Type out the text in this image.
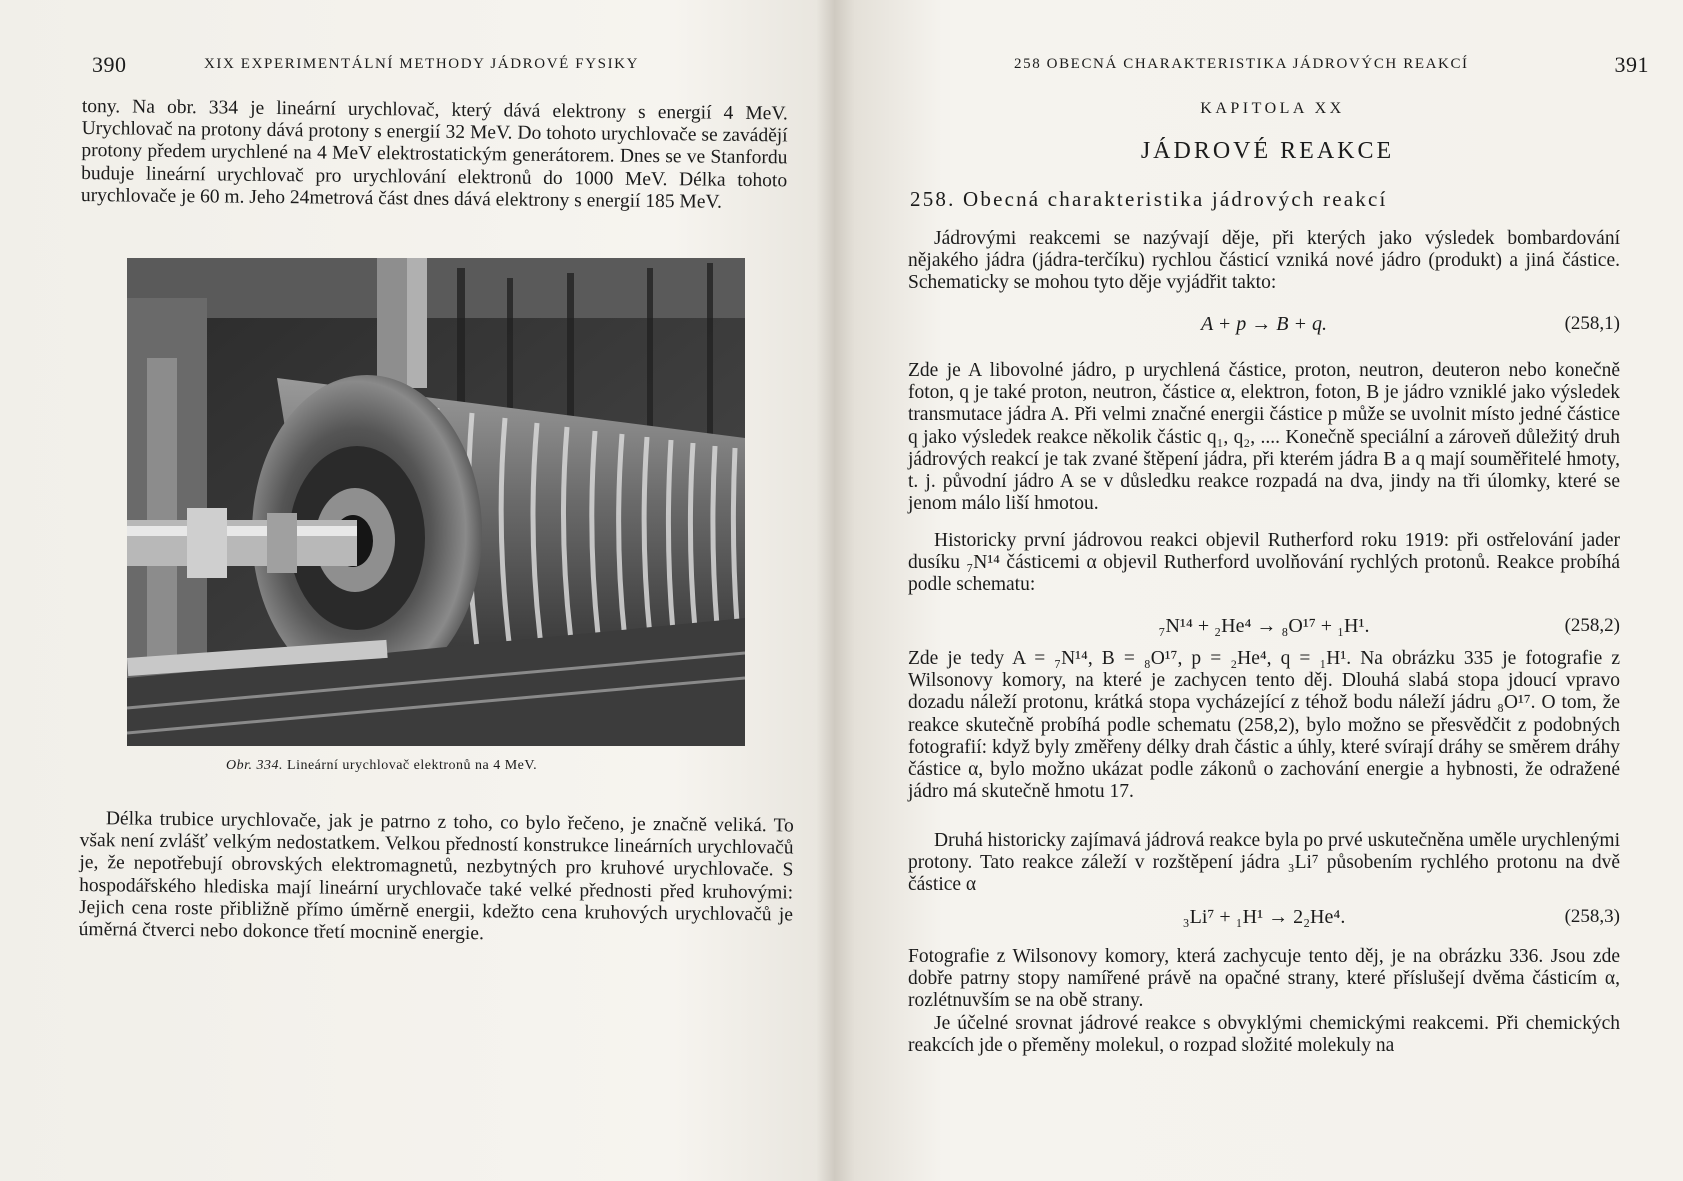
390	XIX EXPERIMENTÁLNÍ METHODY JÁDROVÉ FYSIKY

tony. Na obr. 334 je lineární urychlovač, který dává elektrony s energií 4 MeV. Urychlovač na protony dává protony s energií 32 MeV. Do tohoto urychlovače se zavádějí protony předem urychlené na 4 MeV elektrostatickým generátorem. Dnes se ve Stanfordu buduje lineární urychlovač pro urychlování elektronů do 1000 MeV. Délka tohoto urychlovače je 60 m. Jeho 24metrová část dnes dává elektrony s energií 185 MeV.

Obr. 334. Lineární urychlovač elektronů na 4 MeV.

Délka trubice urychlovače, jak je patrno z toho, co bylo řečeno, je značně veliká. To však není zvlášť velkým nedostatkem. Velkou předností konstrukce lineárních urychlovačů je, že nepotřebují obrovských elektromagnetů, nezbytných pro kruhové urychlovače. S hospodářského hlediska mají lineární urychlovače také velké přednosti před kruhovými: Jejich cena roste přibližně přímo úměrně energii, kdežto cena kruhových urychlovačů je úměrná čtverci nebo dokonce třetí mocnině energie.

258 OBECNÁ CHARAKTERISTIKA JÁDROVÝCH REAKCÍ	391
KAPITOLA XX
JÁDROVÉ REAKCE
258. Obecná charakteristika jádrových reakcí

Jádrovými reakcemi se nazývají děje, při kterých jako výsledek bombardování nějakého jádra (jádra-terčíku) rychlou částicí vzniká nové jádro (produkt) a jiná částice. Schematicky se mohou tyto děje vyjádřit takto:

A + p → B + q.	(258,1)

Zde je A libovolné jádro, p urychlená částice, proton, neutron, deuteron nebo konečně foton, q je také proton, neutron, částice α, elektron, foton, B je jádro vzniklé jako výsledek transmutace jádra A. Při velmi značné energii částice p může se uvolnit místo jedné částice q jako výsledek reakce několik částic q₁, q₂, .... Konečně speciální a zároveň důležitý druh jádrových reakcí je tak zvané štěpení jádra, při kterém jádra B a q mají souměřitelé hmoty, t. j. původní jádro A se v důsledku reakce rozpadá na dva, jindy na tři úlomky, které se jenom málo liší hmotou.

Historicky první jádrovou reakci objevil Rutherford roku 1919: při ostřelování jader dusíku ₇N¹⁴ částicemi α objevil Rutherford uvolňování rychlých protonů. Reakce probíhá podle schematu:

₇N¹⁴ + ₂He⁴ → ₈O¹⁷ + ₁H¹.	(258,2)

Zde je tedy A = ₇N¹⁴, B = ₈O¹⁷, p = ₂He⁴, q = ₁H¹. Na obrázku 335 je fotografie z Wilsonovy komory, na které je zachycen tento děj. Dlouhá slabá stopa jdoucí vpravo dozadu náleží protonu, krátká stopa vycházející z téhož bodu náleží jádru ₈O¹⁷. O tom, že reakce skutečně probíhá podle schematu (258,2), bylo možno se přesvědčit z podobných fotografií: když byly změřeny délky drah částic a úhly, které svírají dráhy se směrem dráhy částice α, bylo možno ukázat podle zákonů o zachování energie a hybnosti, že odražené jádro má skutečně hmotu 17.

Druhá historicky zajímavá jádrová reakce byla po prvé uskutečněna uměle urychlenými protony. Tato reakce záleží v rozštěpení jádra ₃Li⁷ působením rychlého protonu na dvě částice α

₃Li⁷ + ₁H¹ → 2₂He⁴.	(258,3)

Fotografie z Wilsonovy komory, která zachycuje tento děj, je na obrázku 336. Jsou zde dobře patrny stopy namířené právě na opačné strany, které příslušejí dvěma částicím α, rozlétnuvším se na obě strany.

Je účelné srovnat jádrové reakce s obvyklými chemickými reakcemi. Při chemických reakcích jde o přeměny molekul, o rozpad složité molekuly na
